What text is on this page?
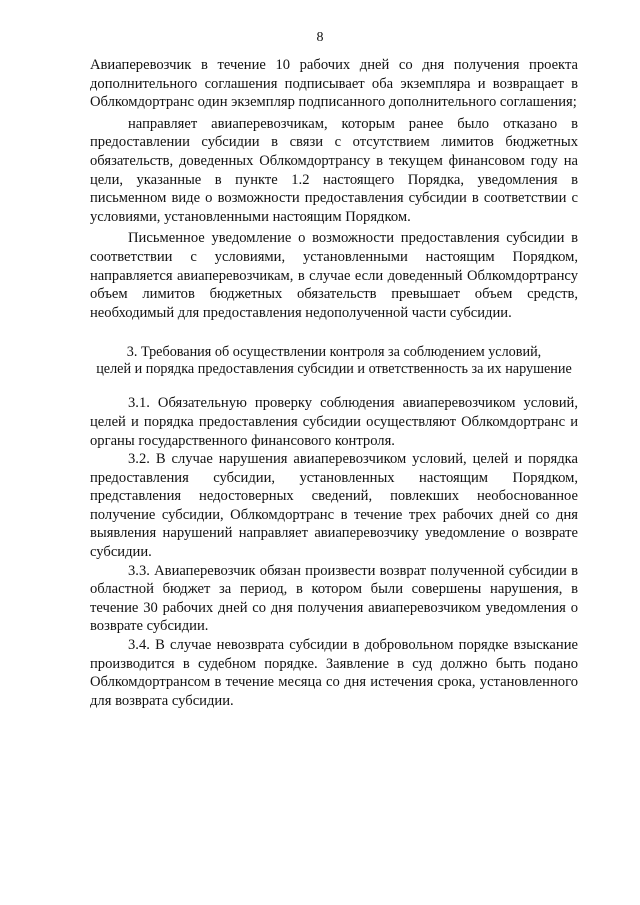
8

Авиаперевозчик в течение 10 рабочих дней со дня получения проекта дополнительного соглашения подписывает оба экземпляра и возвращает в Облкомдортранс один экземпляр подписанного дополнительного соглашения;

направляет авиаперевозчикам, которым ранее было отказано в предоставлении субсидии в связи с отсутствием лимитов бюджетных обязательств, доведенных Облкомдортрансу в текущем финансовом году на цели, указанные в пункте 1.2 настоящего Порядка, уведомления в письменном виде о возможности предоставления субсидии в соответствии с условиями, установленными настоящим Порядком.

Письменное уведомление о возможности предоставления субсидии в соответствии с условиями, установленными настоящим Порядком, направляется авиаперевозчикам, в случае если доведенный Облкомдортрансу объем лимитов бюджетных обязательств превышает объем средств, необходимый для предоставления недополученной части субсидии.

3. Требования об осуществлении контроля за соблюдением условий,
целей и порядка предоставления субсидии и ответственность за их нарушение

3.1. Обязательную проверку соблюдения авиаперевозчиком условий, целей и порядка предоставления субсидии осуществляют Облкомдортранс и органы государственного финансового контроля.

3.2. В случае нарушения авиаперевозчиком условий, целей и порядка предоставления субсидии, установленных настоящим Порядком, представления недостоверных сведений, повлекших необоснованное получение субсидии, Облкомдортранс в течение трех рабочих дней со дня выявления нарушений направляет авиаперевозчику уведомление о возврате субсидии.

3.3. Авиаперевозчик обязан произвести возврат полученной субсидии в областной бюджет за период, в котором были совершены нарушения, в течение 30 рабочих дней со дня получения авиаперевозчиком уведомления о возврате субсидии.

3.4. В случае невозврата субсидии в добровольном порядке взыскание производится в судебном порядке. Заявление в суд должно быть подано Облкомдортрансом в течение месяца со дня истечения срока, установленного для возврата субсидии.
